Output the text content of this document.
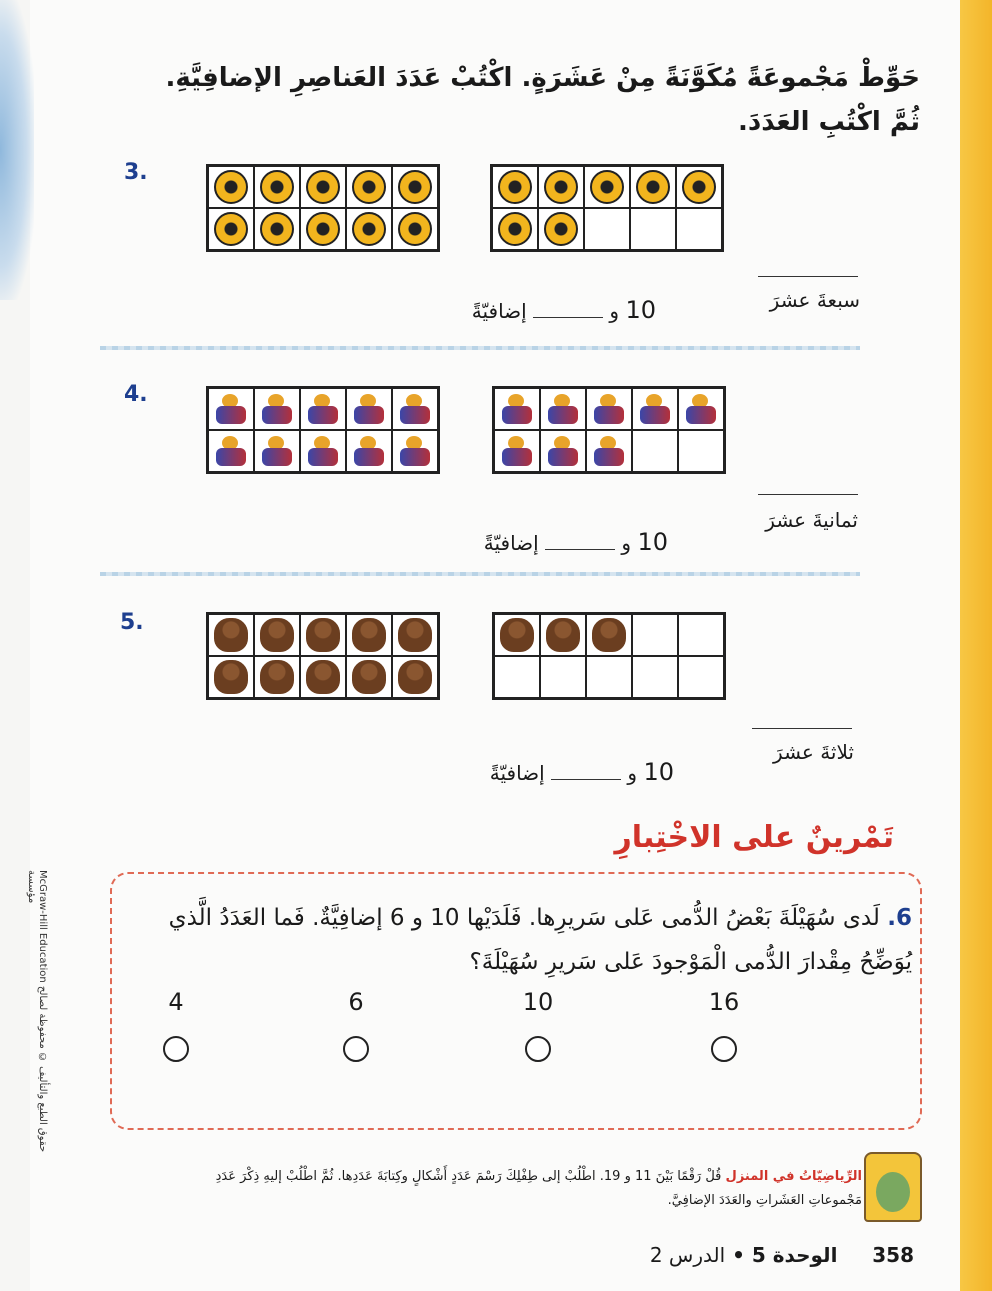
حَوِّطْ مَجْموعَةً مُكَوَّنَةً مِنْ عَشَرَةٍ. اكْتُبْ عَدَدَ العَناصِرِ الإضافِيَّةِ. ثُمَّ اكْتُبِ العَدَدَ.
3.
سبعةَ عشرَ
10 و  إضافيّةً
4.
ثمانيةَ عشرَ
10 و  إضافيّةً
5.
ثلاثةَ عشرَ
10 و  إضافيّةً
تَمْرينٌ على الاخْتِبارِ
6. لَدى سُهَيْلَةَ بَعْضُ الدُّمى عَلى سَريرِها. فَلَدَيْها 10 و 6 إضافِيَّةٌ. فَما العَدَدُ الَّذي يُوَضِّحُ مِقْدارَ الدُّمى الْمَوْجودَ عَلى سَريرِ سُهَيْلَةَ؟
4	6	10	16
الرِّياضِيّاتُ في المنزل قُلْ رَقْمًا بَيْنَ 11 و 19. اطْلُبْ إلى طِفْلِكَ رَسْمَ عَدَدٍ أَشْكالٍ وكِتابَةَ عَدَدِها. ثُمَّ اطْلُبْ إليهِ ذِكْرَ عَدَدِ مَجْموعاتِ العَشَراتِ والعَدَدَ الإضافِيَّ.
358     الوحدة 5 • الدرس 2
McGraw-Hill Education حقوق الطبع والتأليف © محفوظة لصالح مؤسسة
